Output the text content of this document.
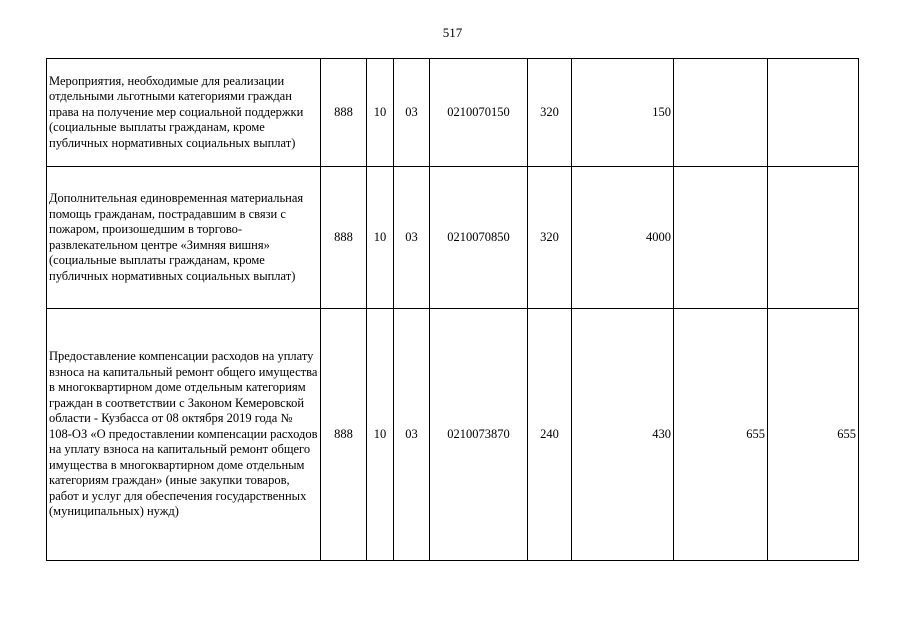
517
Мероприятия, необходимые для реализации отдельными льготными категориями граждан права на получение мер социальной поддержки (социальные выплаты гражданам, кроме публичных нормативных социальных выплат)	888	10	03	0210070150	320	150		
Дополнительная единовременная материальная помощь гражданам, пострадавшим в связи с пожаром, произошедшим в торгово-развлекательном центре «Зимняя вишня» (социальные выплаты гражданам, кроме публичных нормативных социальных выплат)	888	10	03	0210070850	320	4000		
Предоставление компенсации расходов на уплату взноса на капитальный ремонт общего имущества в многоквартирном доме отдельным категориям граждан в соответствии с Законом Кемеровской области - Кузбасса от 08 октября 2019 года № 108-ОЗ «О предоставлении компенсации расходов на уплату взноса на капитальный ремонт общего имущества в многоквартирном доме отдельным категориям граждан» (иные закупки товаров, работ и услуг для обеспечения государственных (муниципальных) нужд)	888	10	03	0210073870	240	430	655	655
